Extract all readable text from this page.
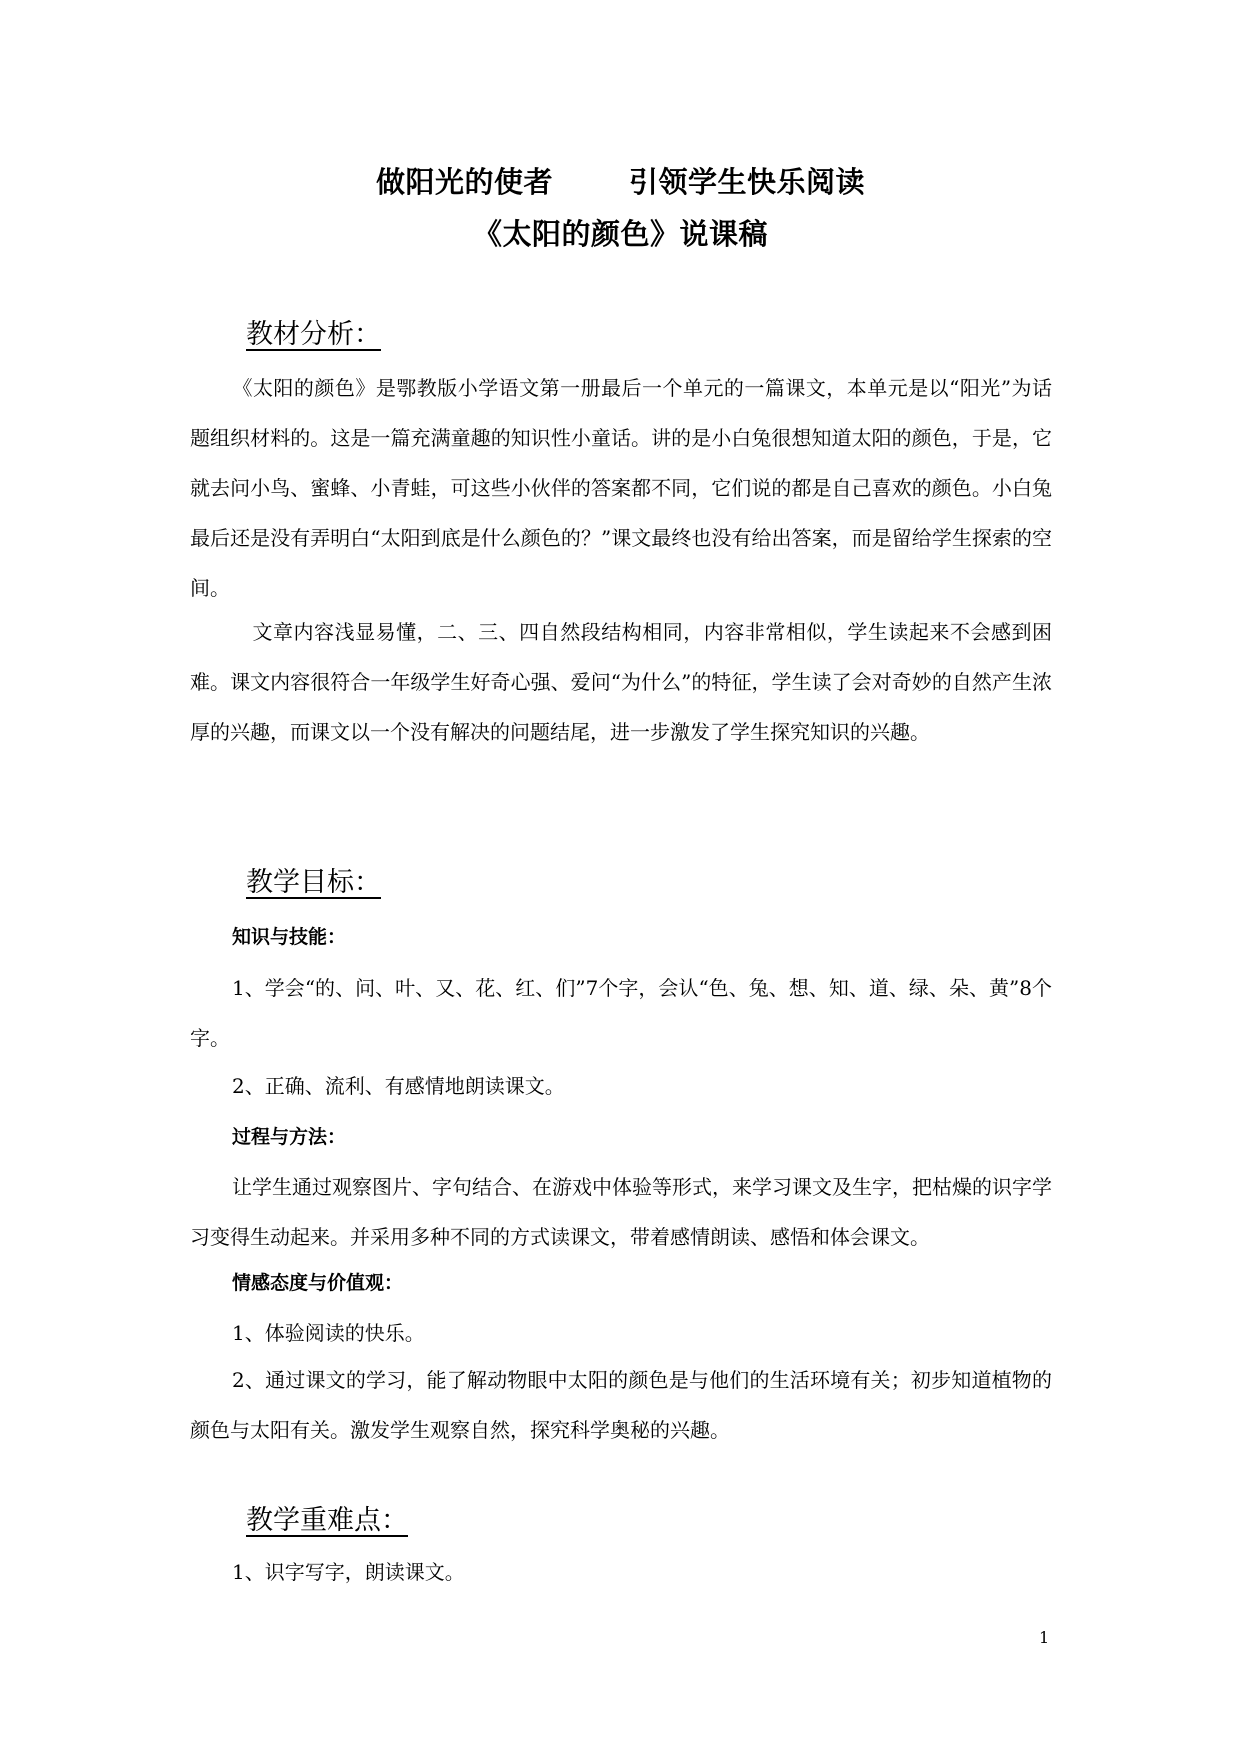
做阳光的使者	引领学生快乐阅读
《太阳的颜色》说课稿
教材分析：

《太阳的颜色》是鄂教版小学语文第一册最后一个单元的一篇课文，本单元是以“阳光”为话题组织材料的。这是一篇充满童趣的知识性小童话。讲的是小白兔很想知道太阳的颜色，于是，它就去问小鸟、蜜蜂、小青蛙，可这些小伙伴的答案都不同，它们说的都是自己喜欢的颜色。小白兔最后还是没有弄明白“太阳到底是什么颜色的？”课文最终也没有给出答案，而是留给学生探索的空间。

文章内容浅显易懂，二、三、四自然段结构相同，内容非常相似，学生读起来不会感到困难。课文内容很符合一年级学生好奇心强、爱问“为什么”的特征，学生读了会对奇妙的自然产生浓厚的兴趣，而课文以一个没有解决的问题结尾，进一步激发了学生探究知识的兴趣。

教学目标：
知识与技能：

1、学会“的、问、叶、又、花、红、们”7个字，会认“色、兔、想、知、道、绿、朵、黄”8个字。

2、正确、流利、有感情地朗读课文。
过程与方法：

让学生通过观察图片、字句结合、在游戏中体验等形式，来学习课文及生字，把枯燥的识字学习变得生动起来。并采用多种不同的方式读课文，带着感情朗读、感悟和体会课文。

情感态度与价值观：
1、体验阅读的快乐。

2、通过课文的学习，能了解动物眼中太阳的颜色是与他们的生活环境有关；初步知道植物的颜色与太阳有关。激发学生观察自然，探究科学奥秘的兴趣。

教学重难点：
1、识字写字，朗读课文。
1
